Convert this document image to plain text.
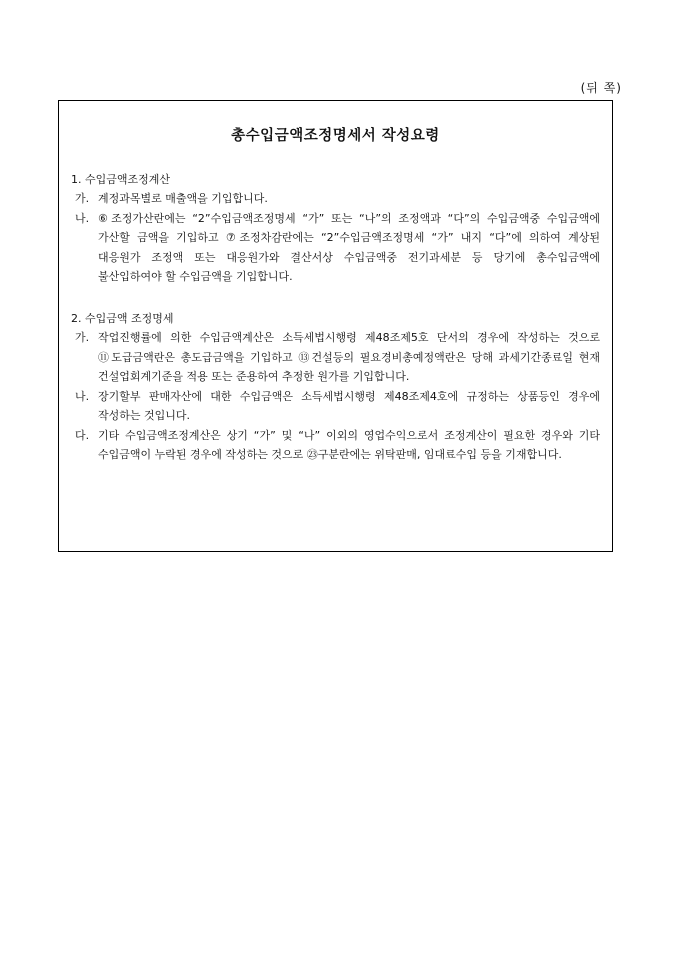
(뒤 쪽)
총수입금액조정명세서 작성요령
1. 수입금액조정계산
가. 계정과목별로 매출액을 기입합니다.
나. ⑥조정가산란에는 “2”수입금액조정명세 “가” 또는 “나”의 조정액과 “다”의 수입금액중 수입금액에 가산할 금액을 기입하고 ⑦조정차감란에는 “2”수입금액조정명세 “가” 내지 “다”에 의하여 계상된 대응원가 조정액 또는 대응원가와 결산서상 수입금액중 전기과세분 등 당기에 총수입금액에 불산입하여야 할 수입금액을 기입합니다.
2. 수입금액 조정명세
가. 작업진행률에 의한 수입금액계산은 소득세법시행령 제48조제5호 단서의 경우에 작성하는 것으로 ⑪도급금액란은 총도급금액을 기입하고 ⑬건설등의 필요경비총예정액란은 당해 과세기간종료일 현재 건설업회계기준을 적용 또는 준용하여 추정한 원가를 기입합니다.
나. 장기할부 판매자산에 대한 수입금액은 소득세법시행령 제48조제4호에 규정하는 상품등인 경우에 작성하는 것입니다.
다. 기타 수입금액조정계산은 상기 “가” 및 “나” 이외의 영업수익으로서 조정계산이 필요한 경우와 기타 수입금액이 누락된 경우에 작성하는 것으로 ㉓구분란에는 위탁판매, 임대료수입 등을 기재합니다.
